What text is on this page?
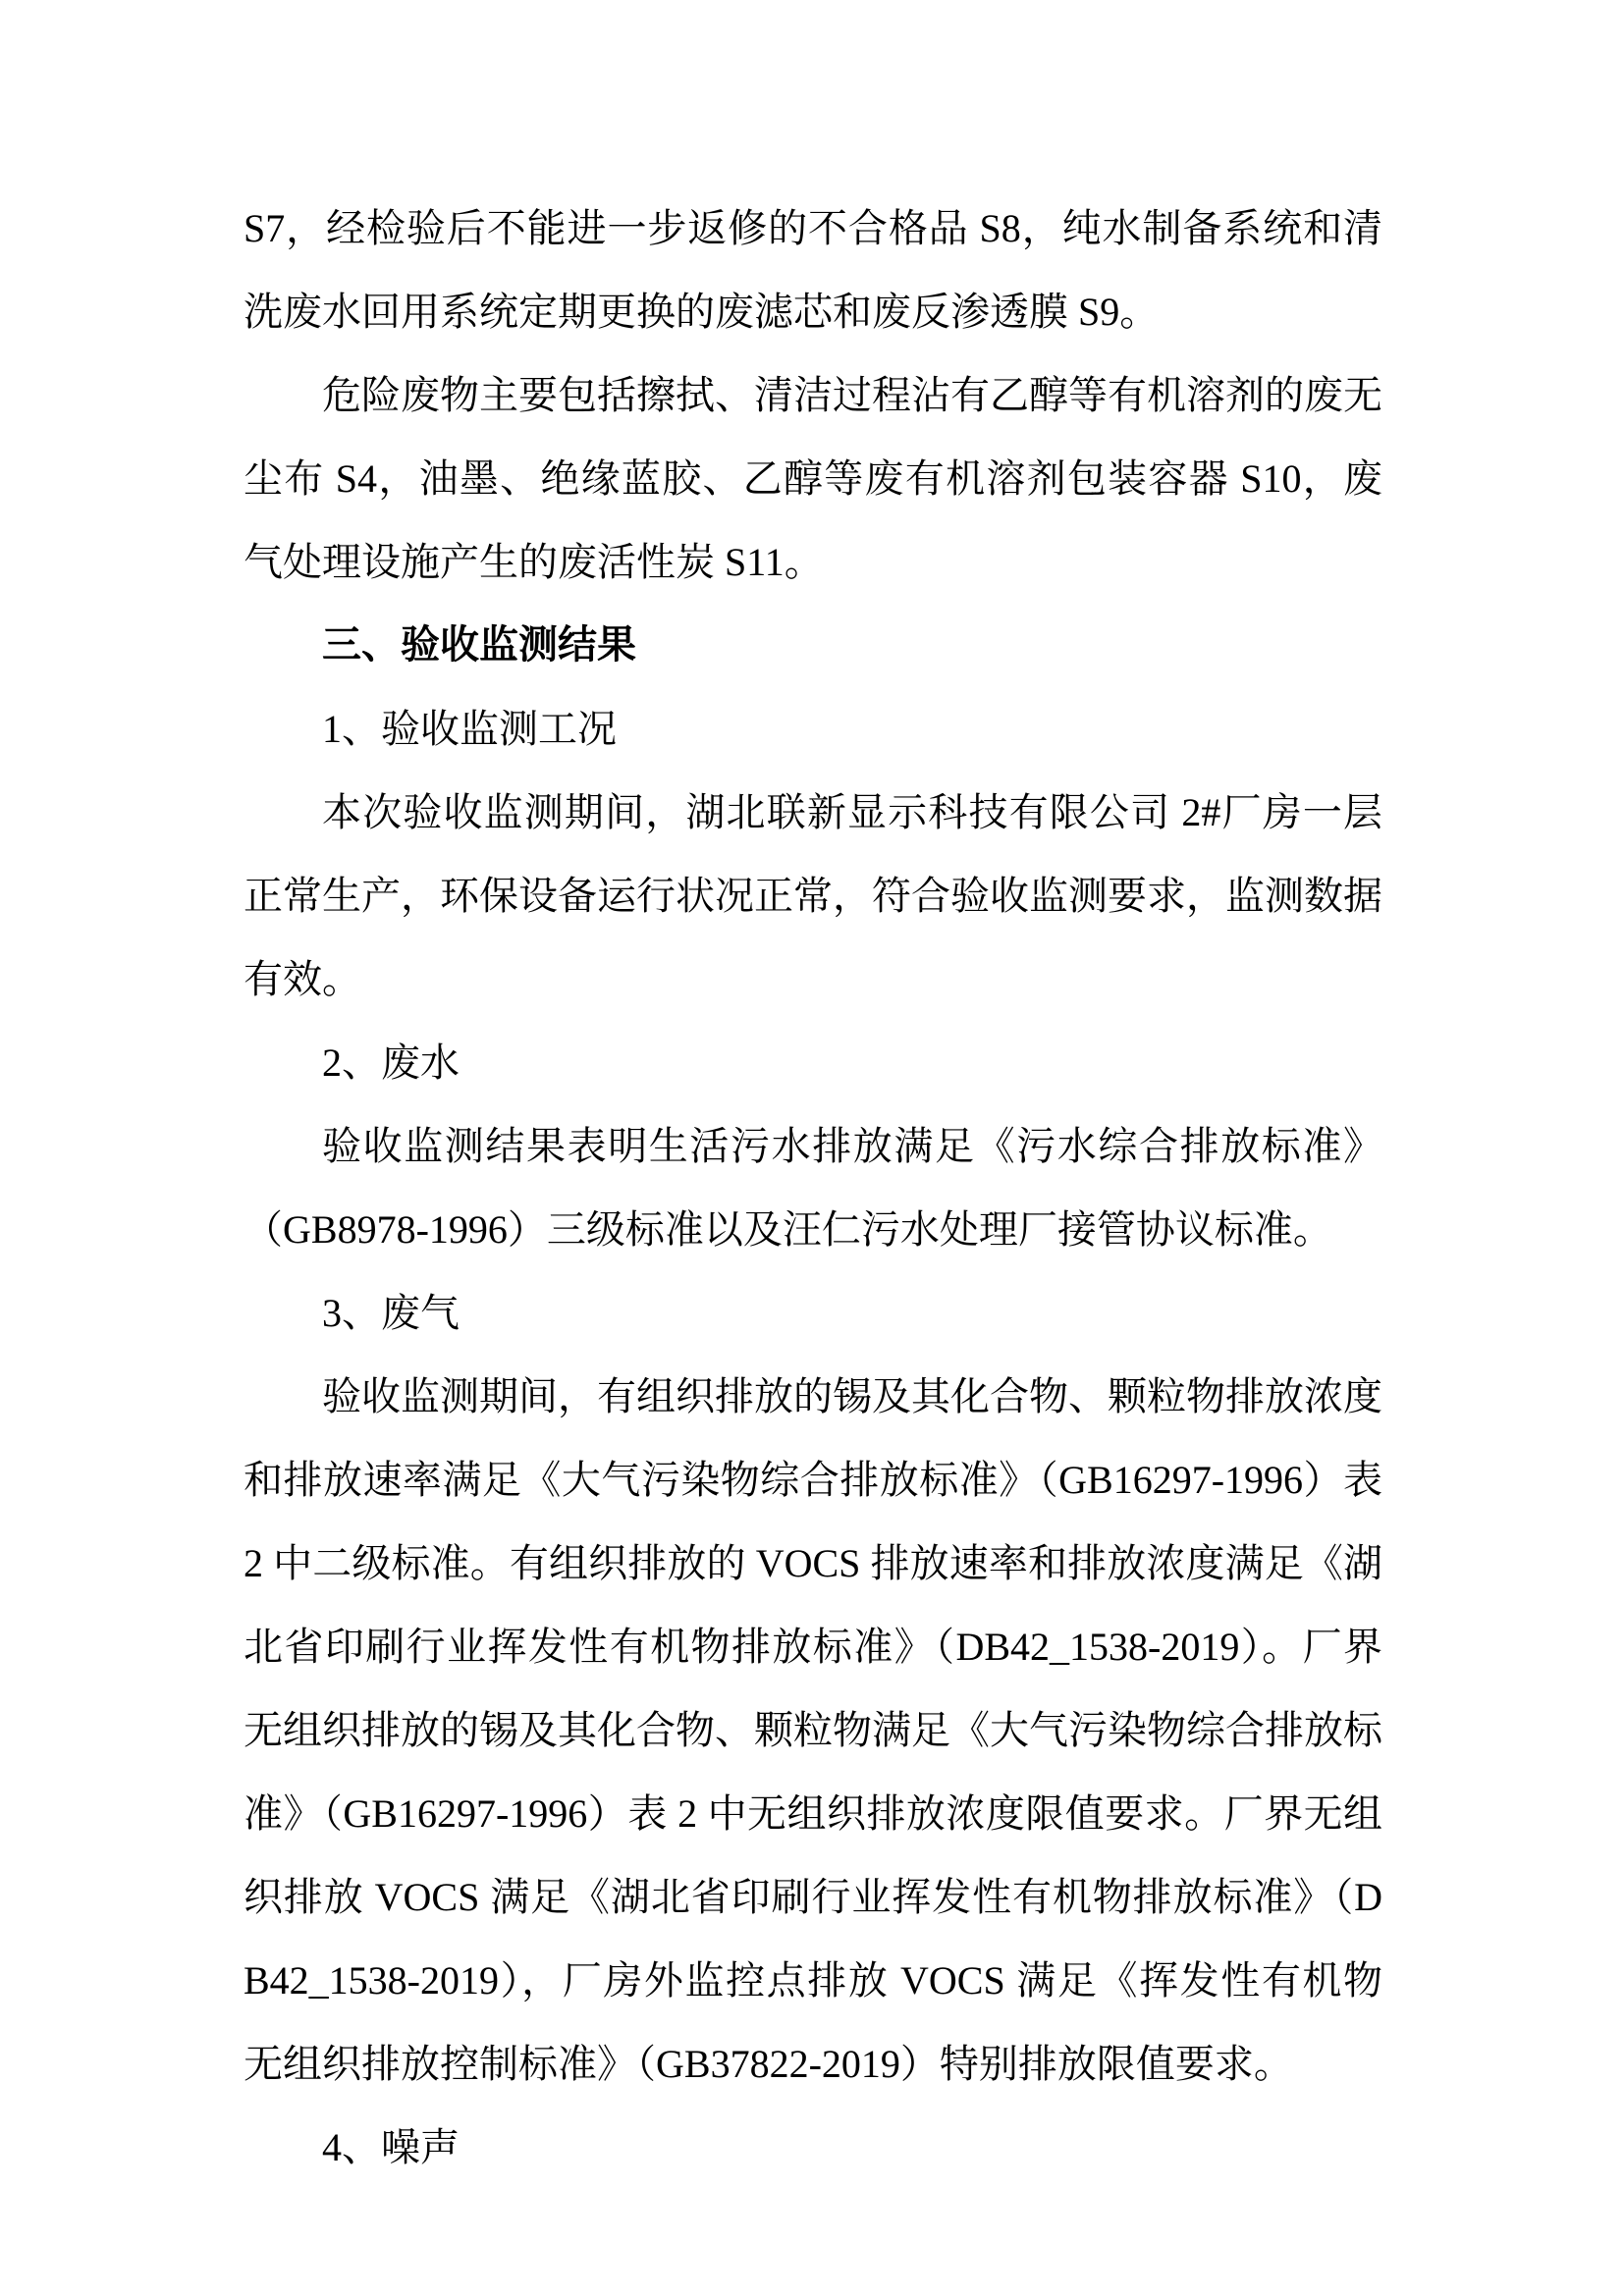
S7，经检验后不能进一步返修的不合格品 S8，纯水制备系统和清洗废水回用系统定期更换的废滤芯和废反渗透膜 S9。

危险废物主要包括擦拭、清洁过程沾有乙醇等有机溶剂的废无尘布 S4，油墨、绝缘蓝胶、乙醇等废有机溶剂包装容器 S10，废气处理设施产生的废活性炭 S11。

三、验收监测结果

1、验收监测工况

本次验收监测期间，湖北联新显示科技有限公司 2#厂房一层正常生产，环保设备运行状况正常，符合验收监测要求，监测数据有效。

2、废水

验收监测结果表明生活污水排放满足《污水综合排放标准》（GB8978-1996）三级标准以及汪仁污水处理厂接管协议标准。

3、废气

验收监测期间，有组织排放的锡及其化合物、颗粒物排放浓度和排放速率满足《大气污染物综合排放标准》（GB16297-1996）表 2 中二级标准。有组织排放的 VOCS 排放速率和排放浓度满足《湖北省印刷行业挥发性有机物排放标准》（DB42_1538-2019）。厂界无组织排放的锡及其化合物、颗粒物满足《大气污染物综合排放标准》（GB16297-1996）表 2 中无组织排放浓度限值要求。厂界无组织排放 VOCS 满足《湖北省印刷行业挥发性有机物排放标准》（DB42_1538-2019），厂房外监控点排放 VOCS 满足《挥发性有机物无组织排放控制标准》（GB37822-2019）特别排放限值要求。

4、噪声
